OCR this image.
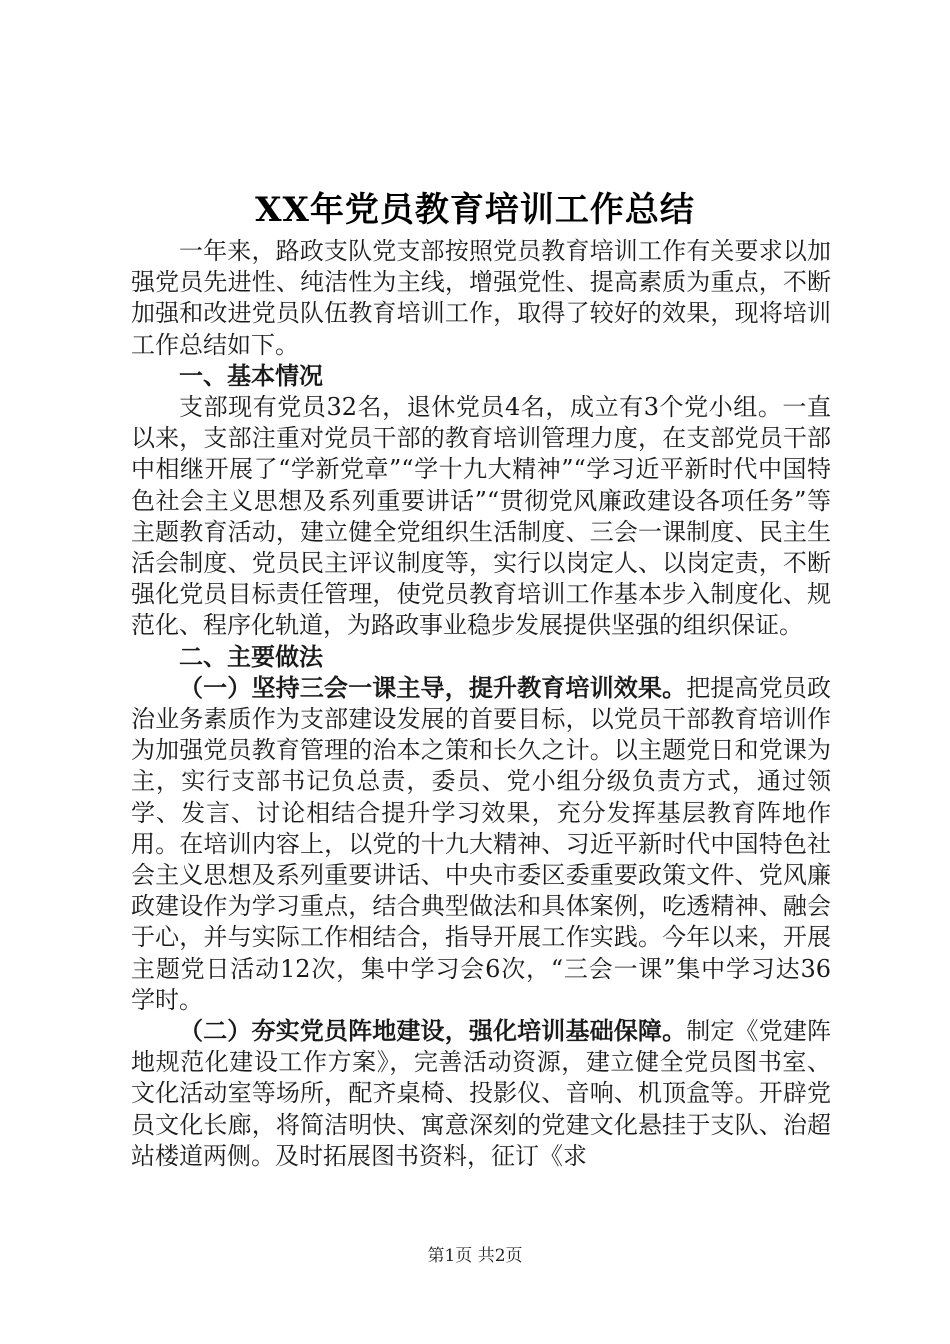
XX年党员教育培训工作总结

一年来，路政支队党支部按照党员教育培训工作有关要求以加强党员先进性、纯洁性为主线，增强党性、提高素质为重点，不断加强和改进党员队伍教育培训工作，取得了较好的效果，现将培训工作总结如下。

一、基本情况

支部现有党员32名，退休党员4名，成立有3个党小组。一直以来，支部注重对党员干部的教育培训管理力度，在支部党员干部中相继开展了“学新党章”“学十九大精神”“学习近平新时代中国特色社会主义思想及系列重要讲话”“贯彻党风廉政建设各项任务”等主题教育活动，建立健全党组织生活制度、三会一课制度、民主生活会制度、党员民主评议制度等，实行以岗定人、以岗定责，不断强化党员目标责任管理，使党员教育培训工作基本步入制度化、规范化、程序化轨道，为路政事业稳步发展提供坚强的组织保证。

二、主要做法

（一）坚持三会一课主导，提升教育培训效果。把提高党员政治业务素质作为支部建设发展的首要目标，以党员干部教育培训作为加强党员教育管理的治本之策和长久之计。以主题党日和党课为主，实行支部书记负总责，委员、党小组分级负责方式，通过领学、发言、讨论相结合提升学习效果，充分发挥基层教育阵地作用。在培训内容上，以党的十九大精神、习近平新时代中国特色社会主义思想及系列重要讲话、中央市委区委重要政策文件、党风廉政建设作为学习重点，结合典型做法和具体案例，吃透精神、融会于心，并与实际工作相结合，指导开展工作实践。今年以来，开展主题党日活动12次，集中学习会6次，“三会一课”集中学习达36学时。

（二）夯实党员阵地建设，强化培训基础保障。制定《党建阵地规范化建设工作方案》，完善活动资源，建立健全党员图书室、文化活动室等场所，配齐桌椅、投影仪、音响、机顶盒等。开辟党员文化长廊，将简洁明快、寓意深刻的党建文化悬挂于支队、治超站楼道两侧。及时拓展图书资料，征订《求

第1页 共2页
